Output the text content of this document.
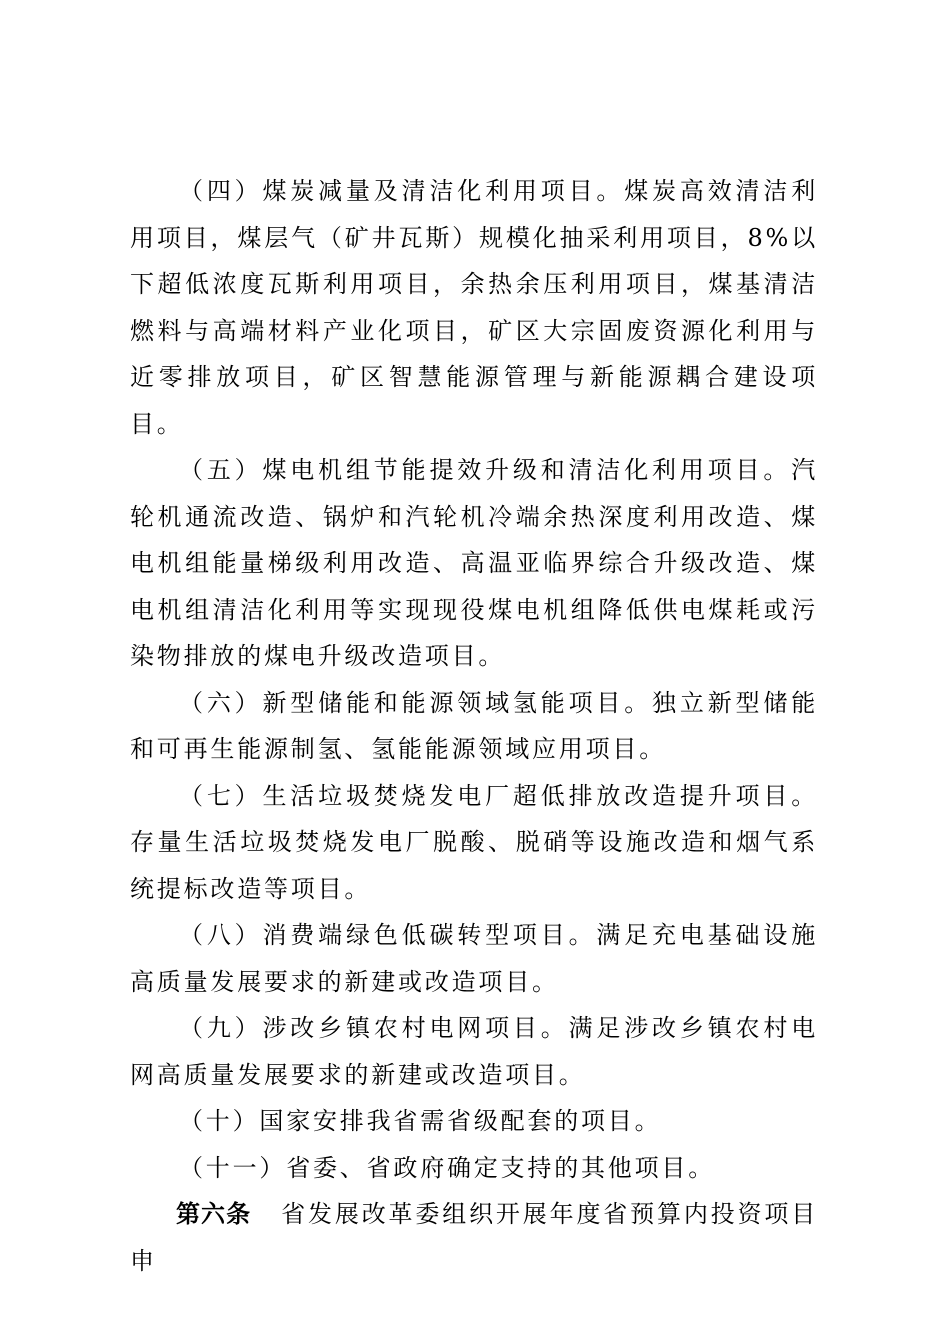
（四）煤炭减量及清洁化利用项目。煤炭高效清洁利用项目，煤层气（矿井瓦斯）规模化抽采利用项目，8%以下超低浓度瓦斯利用项目，余热余压利用项目，煤基清洁燃料与高端材料产业化项目，矿区大宗固废资源化利用与近零排放项目，矿区智慧能源管理与新能源耦合建设项目。

（五）煤电机组节能提效升级和清洁化利用项目。汽轮机通流改造、锅炉和汽轮机冷端余热深度利用改造、煤电机组能量梯级利用改造、高温亚临界综合升级改造、煤电机组清洁化利用等实现现役煤电机组降低供电煤耗或污染物排放的煤电升级改造项目。

（六）新型储能和能源领域氢能项目。独立新型储能和可再生能源制氢、氢能能源领域应用项目。

（七）生活垃圾焚烧发电厂超低排放改造提升项目。存量生活垃圾焚烧发电厂脱酸、脱硝等设施改造和烟气系统提标改造等项目。

（八）消费端绿色低碳转型项目。满足充电基础设施高质量发展要求的新建或改造项目。

（九）涉改乡镇农村电网项目。满足涉改乡镇农村电网高质量发展要求的新建或改造项目。

（十）国家安排我省需省级配套的项目。

（十一）省委、省政府确定支持的其他项目。

第六条 省发展改革委组织开展年度省预算内投资项目申
